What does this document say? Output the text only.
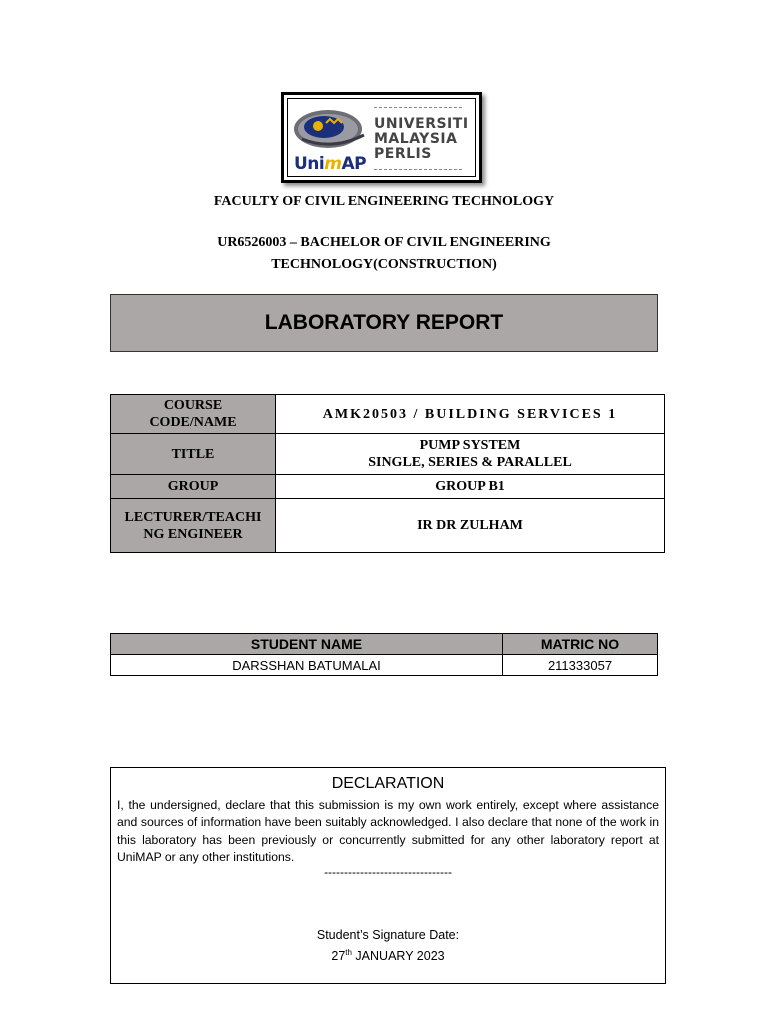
UNIVERSITI
MALAYSIA
PERLIS
UnimAP
FACULTY OF CIVIL ENGINEERING TECHNOLOGY
UR6526003 – BACHELOR OF CIVIL ENGINEERING
TECHNOLOGY(CONSTRUCTION)
LABORATORY REPORT
COURSE
CODE/NAME	AMK20503 / BUILDING SERVICES 1
TITLE	PUMP SYSTEM
SINGLE, SERIES & PARALLEL

GROUP	GROUP B1

LECTURER/TEACHI
NG ENGINEER	IR DR ZULHAM
STUDENT NAME	MATRIC NO
DARSSHAN BATUMALAI	211333057
DECLARATION
I, the undersigned, declare that this submission is my own work entirely, except where assistance and sources of information have been suitably acknowledged. I also declare that none of the work in this laboratory has been previously or concurrently submitted for any other laboratory report at UniMAP or any other institutions.
--------------------------------
Student’s Signature Date:
27th JANUARY 2023
